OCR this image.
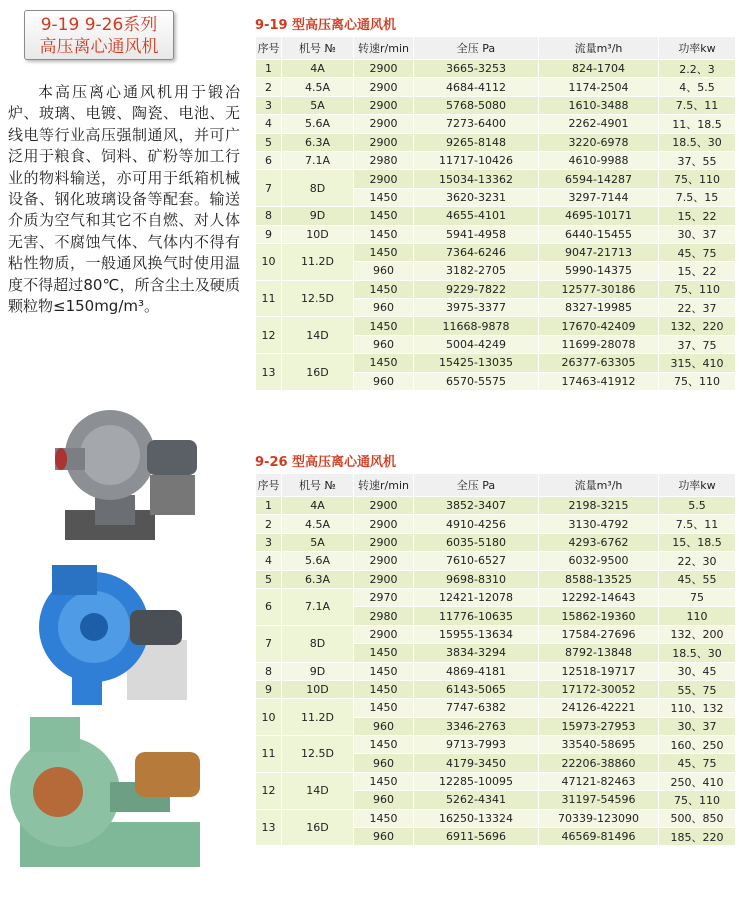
9-19 9-26系列
高压离心通风机
本高压离心通风机用于锻冶炉、玻璃、电镀、陶瓷、电池、无线电等行业高压强制通风，并可广泛用于粮食、饲料、矿粉等加工行业的物料输送，亦可用于纸箱机械设备、钢化玻璃设备等配套。输送介质为空气和其它不自燃、对人体无害、不腐蚀气体、气体内不得有粘性物质，一般通风换气时使用温度不得超过80℃，所含尘土及硬质颗粒物≤150mg/m³。
9-19 型高压离心通风机
序号	机号 №	转速r/min	全压 Pa	流量m³/h	功率kw
1	4A	2900	3665-3253	824-1704	2.2、3
2	4.5A	2900	4684-4112	1174-2504	4、5.5
3	5A	2900	5768-5080	1610-3488	7.5、11
4	5.6A	2900	7273-6400	2262-4901	11、18.5
5	6.3A	2900	9265-8148	3220-6978	18.5、30
6	7.1A	2980	11717-10426	4610-9988	37、55
7	8D	2900	15034-13362	6594-14287	75、110
		1450	3620-3231	3297-7144	7.5、15
8	9D	1450	4655-4101	4695-10171	15、22
9	10D	1450	5941-4958	6440-15455	30、37
10	11.2D	1450	7364-6246	9047-21713	45、75
		960	3182-2705	5990-14375	15、22
11	12.5D	1450	9229-7822	12577-30186	75、110
		960	3975-3377	8327-19985	22、37
12	14D	1450	11668-9878	17670-42409	132、220
		960	5004-4249	11699-28078	37、75
13	16D	1450	15425-13035	26377-63305	315、410
		960	6570-5575	17463-41912	75、110
9-26 型高压离心通风机
序号	机号 №	转速r/min	全压 Pa	流量m³/h	功率kw
1	4A	2900	3852-3407	2198-3215	5.5
2	4.5A	2900	4910-4256	3130-4792	7.5、11
3	5A	2900	6035-5180	4293-6762	15、18.5
4	5.6A	2900	7610-6527	6032-9500	22、30
5	6.3A	2900	9698-8310	8588-13525	45、55
6	7.1A	2970	12421-12078	12292-14643	75
		2980	11776-10635	15862-19360	110
7	8D	2900	15955-13634	17584-27696	132、200
		1450	3834-3294	8792-13848	18.5、30
8	9D	1450	4869-4181	12518-19717	30、45
9	10D	1450	6143-5065	17172-30052	55、75
10	11.2D	1450	7747-6382	24126-42221	110、132
		960	3346-2763	15973-27953	30、37
11	12.5D	1450	9713-7993	33540-58695	160、250
		960	4179-3450	22206-38860	45、75
12	14D	1450	12285-10095	47121-82463	250、410
		960	5262-4341	31197-54596	75、110
13	16D	1450	16250-13324	70339-123090	500、850
		960	6911-5696	46569-81496	185、220
